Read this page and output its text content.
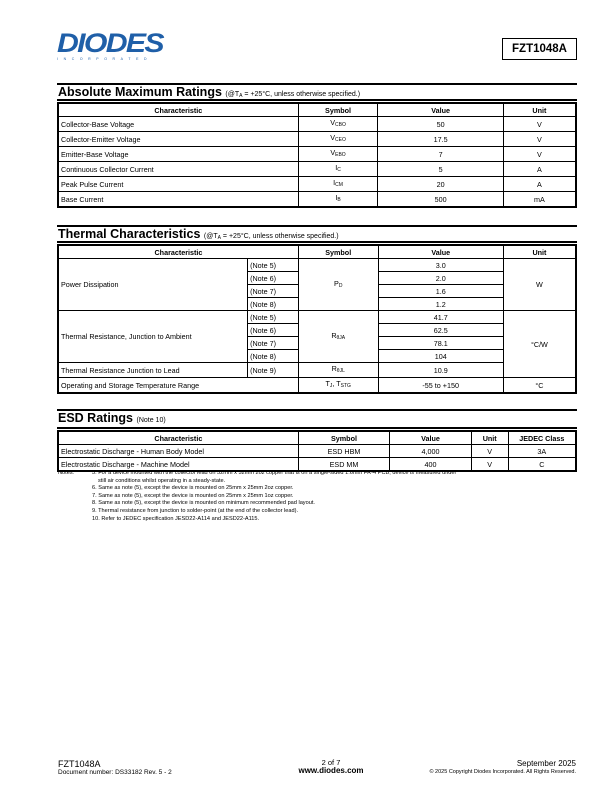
DIODES
INCORPORATED
FZT1048A
Absolute Maximum Ratings ($@T_A = +25^\circ C$, unless otherwise specified.)
Characteristic	Symbol	Value	Unit
Collector-Base Voltage	$V_{CBO}$	50	V
Collector-Emitter Voltage	$V_{CEO}$	17.5	V
Emitter-Base Voltage	$V_{EBO}$	7	V
Continuous Collector Current	$I_C$	5	A
Peak Pulse Current	$I_{CM}$	20	A
Base Current	$I_B$	500	mA
Thermal Characteristics ($@T_A = +25^\circ C$, unless otherwise specified.)
Characteristic		Symbol	Value	Unit
Power Dissipation	(Note 5)	$P_D$	3.0	W
	(Note 6)		2.0	
	(Note 7)		1.6	
	(Note 8)		1.2	
Thermal Resistance, Junction to Ambient	(Note 5)	$R_{\theta JA}$	41.7	°C/W
	(Note 6)		62.5	
	(Note 7)		78.1	
	(Note 8)		104	
Thermal Resistance Junction to Lead	(Note 9)	$R_{\theta JL}$	10.9	
Operating and Storage Temperature Range		$T_J$, $T_{STG}$	-55 to +150	°C
ESD Ratings (Note 10)
Characteristic	Symbol	Value	Unit	JEDEC Class
Electrostatic Discharge - Human Body Model	ESD HBM	4,000	V	3A
Electrostatic Discharge - Machine Model	ESD MM	400	V	C
Notes:	5. For a device mounted with the collector lead on 52mm x 52mm 2oz copper that is on a single-sided 1.6mm FR-4 PCB; device is measured under
still air conditions whilst operating in a steady-state.
6. Same as note (5), except the device is mounted on 25mm x 25mm 2oz copper.
7. Same as note (5), except the device is mounted on 25mm x 25mm 1oz copper.
8. Same as note (5), except the device is mounted on minimum recommended pad layout.
9. Thermal resistance from junction to solder-point (at the end of the collector lead).
10. Refer to JEDEC specification JESD22-A114 and JESD22-A115.
FZT1048A
Document number: DS33182 Rev. 5 - 2
2 of 7
www.diodes.com
September 2025
© 2025 Copyright Diodes Incorporated. All Rights Reserved.
